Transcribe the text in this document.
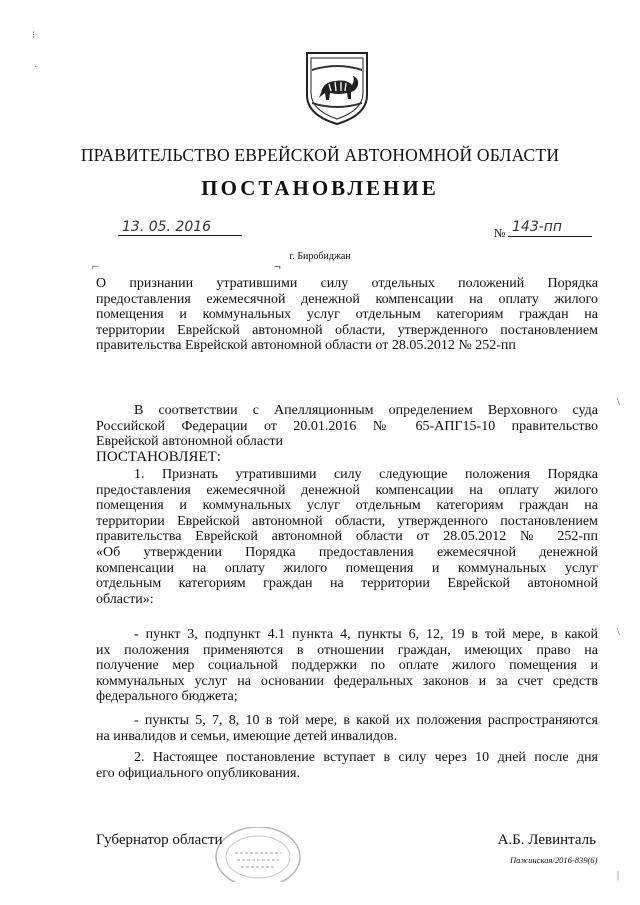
⁝
·
\
\
|
ПРАВИТЕЛЬСТВО ЕВРЕЙСКОЙ АВТОНОМНОЙ ОБЛАСТИ
ПОСТАНОВЛЕНИЕ
13. 05. 2016	№ 143-пп
г. Биробиджан
⌐	¬
О признании утратившими силу отдельных положений Порядка
предоставления ежемесячной денежной компенсации на оплату жилого
помещения и коммунальных услуг отдельным категориям граждан на
территории Еврейской автономной области, утвержденного постановлением
правительства Еврейской автономной области от 28.05.2012 № 252-пп
В соответствии с Апелляционным определением Верховного суда
Российской Федерации от 20.01.2016 № 65-АПГ15-10 правительство
Еврейской автономной области
ПОСТАНОВЛЯЕТ:
1. Признать утратившими силу следующие положения Порядка
предоставления ежемесячной денежной компенсации на оплату жилого
помещения и коммунальных услуг отдельным категориям граждан на
территории Еврейской автономной области, утвержденного постановлением
правительства Еврейской автономной области от 28.05.2012 № 252-пп
«Об утверждении Порядка предоставления ежемесячной денежной
компенсации на оплату жилого помещения и коммунальных услуг
отдельным категориям граждан на территории Еврейской автономной
области»:
- пункт 3, подпункт 4.1 пункта 4, пункты 6, 12, 19 в той мере, в какой
их положения применяются в отношении граждан, имеющих право на
получение мер социальной поддержки по оплате жилого помещения и
коммунальных услуг на основании федеральных законов и за счет средств
федерального бюджета;
- пункты 5, 7, 8, 10 в той мере, в какой их положения распространяются
на инвалидов и семьи, имеющие детей инвалидов.
2. Настоящее постановление вступает в силу через 10 дней после дня
его официального опубликования.
Губернатор области	А.Б. Левинталь
Пажинская/2016-839(6)
